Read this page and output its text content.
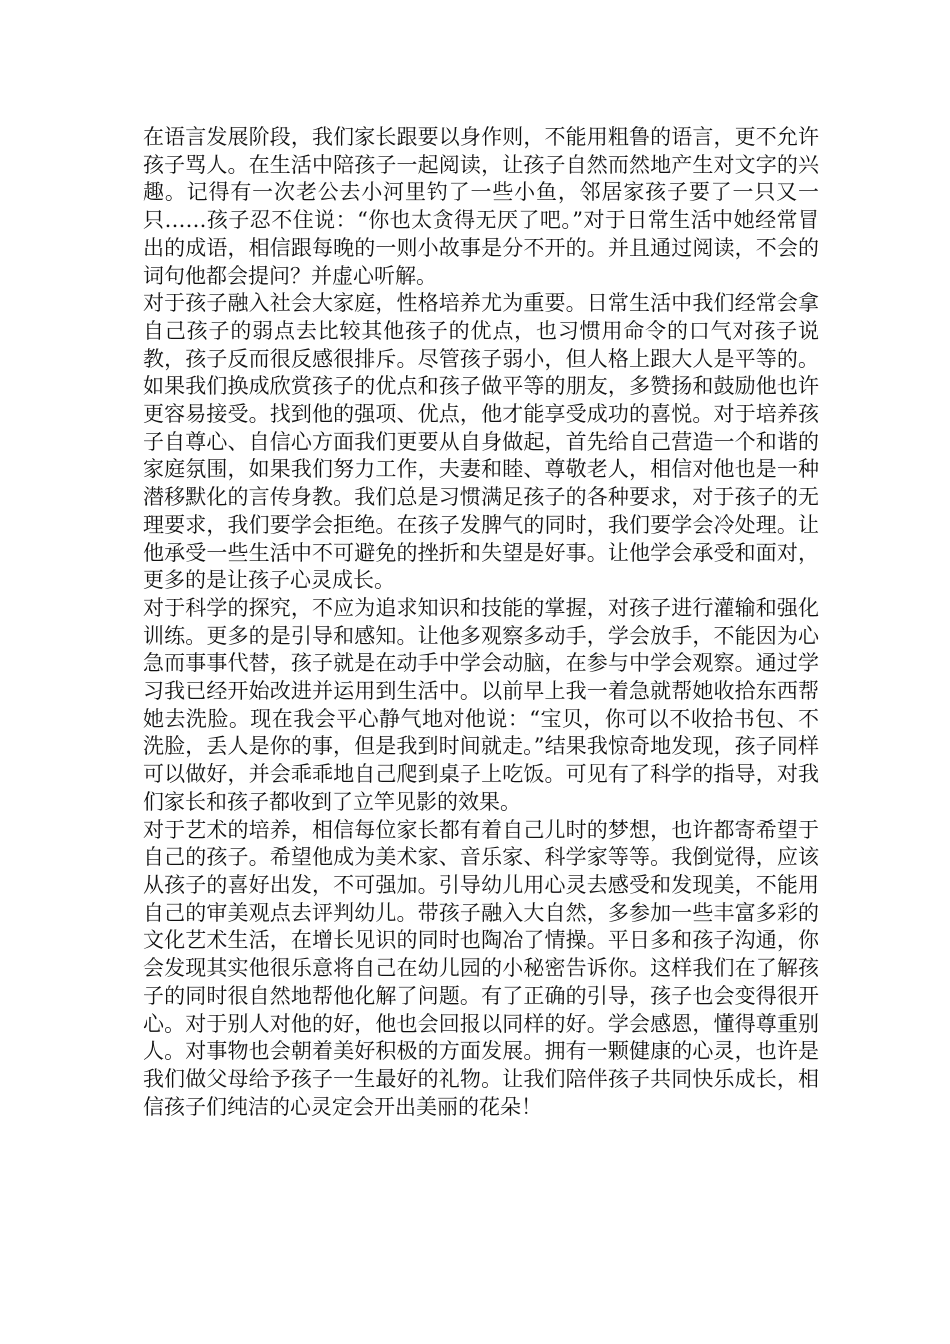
在语言发展阶段，我们家长跟要以身作则，不能用粗鲁的语言，更不允许孩子骂人。在生活中陪孩子一起阅读，让孩子自然而然地产生对文字的兴趣。记得有一次老公去小河里钓了一些小鱼，邻居家孩子要了一只又一只……孩子忍不住说：“你也太贪得无厌了吧。”对于日常生活中她经常冒出的成语，相信跟每晚的一则小故事是分不开的。并且通过阅读，不会的词句他都会提问？并虚心听解。

对于孩子融入社会大家庭，性格培养尤为重要。日常生活中我们经常会拿自己孩子的弱点去比较其他孩子的优点，也习惯用命令的口气对孩子说教，孩子反而很反感很排斥。尽管孩子弱小，但人格上跟大人是平等的。如果我们换成欣赏孩子的优点和孩子做平等的朋友，多赞扬和鼓励他也许更容易接受。找到他的强项、优点，他才能享受成功的喜悦。对于培养孩子自尊心、自信心方面我们更要从自身做起，首先给自己营造一个和谐的家庭氛围，如果我们努力工作，夫妻和睦、尊敬老人，相信对他也是一种潜移默化的言传身教。我们总是习惯满足孩子的各种要求，对于孩子的无理要求，我们要学会拒绝。在孩子发脾气的同时，我们要学会冷处理。让他承受一些生活中不可避免的挫折和失望是好事。让他学会承受和面对，更多的是让孩子心灵成长。

对于科学的探究，不应为追求知识和技能的掌握，对孩子进行灌输和强化训练。更多的是引导和感知。让他多观察多动手，学会放手，不能因为心急而事事代替，孩子就是在动手中学会动脑，在参与中学会观察。通过学习我已经开始改进并运用到生活中。以前早上我一着急就帮她收拾东西帮她去洗脸。现在我会平心静气地对他说：“宝贝，你可以不收拾书包、不洗脸，丢人是你的事，但是我到时间就走。”结果我惊奇地发现，孩子同样可以做好，并会乖乖地自己爬到桌子上吃饭。可见有了科学的指导，对我们家长和孩子都收到了立竿见影的效果。

对于艺术的培养，相信每位家长都有着自己儿时的梦想，也许都寄希望于自己的孩子。希望他成为美术家、音乐家、科学家等等。我倒觉得，应该从孩子的喜好出发，不可强加。引导幼儿用心灵去感受和发现美，不能用自己的审美观点去评判幼儿。带孩子融入大自然，多参加一些丰富多彩的文化艺术生活，在增长见识的同时也陶冶了情操。平日多和孩子沟通，你会发现其实他很乐意将自己在幼儿园的小秘密告诉你。这样我们在了解孩子的同时很自然地帮他化解了问题。有了正确的引导，孩子也会变得很开心。对于别人对他的好，他也会回报以同样的好。学会感恩，懂得尊重别人。对事物也会朝着美好积极的方面发展。拥有一颗健康的心灵，也许是我们做父母给予孩子一生最好的礼物。让我们陪伴孩子共同快乐成长，相信孩子们纯洁的心灵定会开出美丽的花朵！
